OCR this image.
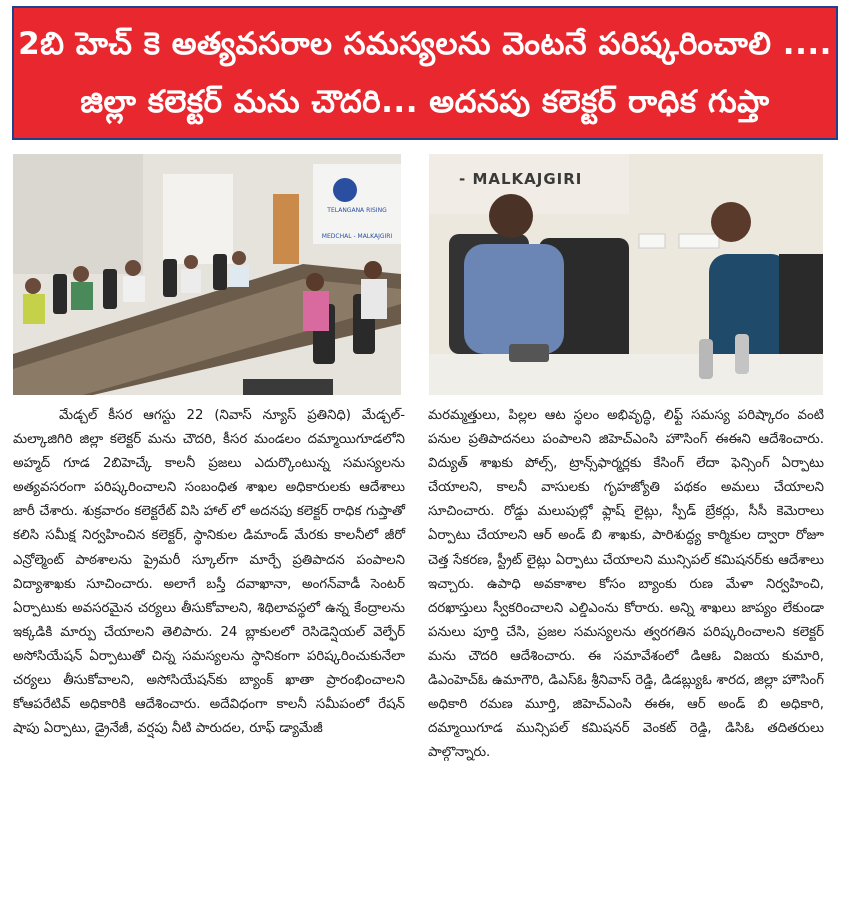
2బి హెచ్ కె అత్యవసరాల సమస్యలను వెంటనే పరిష్కరించాలి ....
జిల్లా కలెక్టర్ మను చౌదరి... అదనపు కలెక్టర్ రాధిక గుప్తా
MEDCHAL - MALKAJGIRI
TELANGANA RISING
- MALKAJGIRI

మేడ్చల్ కీసర ఆగస్టు 22 (నివాస్ న్యూస్ ప్రతినిధి) మేడ్చల్-మల్కాజిగిరి జిల్లా కలెక్టర్ మను చౌదరి, కీసర మండలం దమ్మాయిగూడలోని అహ్మద్ గూడ 2బిహెచ్కే కాలనీ ప్రజలు ఎదుర్కొంటున్న సమస్యలను అత్యవసరంగా పరిష్కరించాలని సంబంధిత శాఖల అధికారులకు ఆదేశాలు జారీ చేశారు. శుక్రవారం కలెక్టరేట్ విసి హాల్ లో అదనపు కలెక్టర్ రాధిక గుప్తాతో కలిసి సమీక్ష నిర్వహించిన కలెక్టర్, స్థానికుల డిమాండ్ మేరకు కాలనీలో జీరో ఎన్రోల్మెంట్ పాఠశాలను ప్రైమరీ స్కూల్‌గా మార్చే ప్రతిపాదన పంపాలని విద్యాశాఖకు సూచించారు. అలాగే బస్తీ దవాఖానా, అంగన్‌వాడీ సెంటర్ ఏర్పాటుకు అవసరమైన చర్యలు తీసుకోవాలని, శిథిలావస్థలో ఉన్న కేంద్రాలను ఇక్కడికి మార్పు చేయాలని తెలిపారు. 24 బ్లాకులలో రెసిడెన్షియల్ వెల్ఫేర్ అసోసియేషన్ ఏర్పాటుతో చిన్న సమస్యలను స్థానికంగా పరిష్కరించుకునేలా చర్యలు తీసుకోవాలని, అసోసియేషన్‌కు బ్యాంక్ ఖాతా ప్రారంభించాలని కోఆపరేటివ్ అధికారికి ఆదేశించారు. అదేవిధంగా కాలనీ సమీపంలో రేషన్ షాపు ఏర్పాటు, డ్రైనేజీ, వర్షపు నీటి పారుదల, రూఫ్ డ్యామేజీ

మరమ్మత్తులు, పిల్లల ఆట స్థలం అభివృద్ధి, లిఫ్ట్ సమస్య పరిష్కారం వంటి పనుల ప్రతిపాదనలు పంపాలని జిహెచ్ఎంసి హౌసింగ్ ఈఈని ఆదేశించారు. విద్యుత్ శాఖకు పోల్స్, ట్రాన్స్‌ఫార్మర్లకు కేసింగ్ లేదా ఫెన్సింగ్ ఏర్పాటు చేయాలని, కాలనీ వాసులకు గృహజ్యోతి పథకం అమలు చేయాలని సూచించారు. రోడ్డు మలుపుల్లో ఫ్లాష్ లైట్లు, స్పీడ్ బ్రేకర్లు, సీసీ కెమెరాలు ఏర్పాటు చేయాలని ఆర్ అండ్ బి శాఖకు, పారిశుద్ధ్య కార్మికుల ద్వారా రోజూ చెత్త సేకరణ, స్ట్రీట్ లైట్లు ఏర్పాటు చేయాలని మున్సిపల్ కమిషనర్‌కు ఆదేశాలు ఇచ్చారు. ఉపాధి అవకాశాల కోసం బ్యాంకు రుణ మేళా నిర్వహించి, దరఖాస్తులు స్వీకరించాలని ఎల్డిఎంను కోరారు. అన్ని శాఖలు జాప్యం లేకుండా పనులు పూర్తి చేసి, ప్రజల సమస్యలను త్వరగతిన పరిష్కరించాలని కలెక్టర్ మను చౌదరి ఆదేశించారు. ఈ సమావేశంలో డిఆఓ విజయ కుమారి, డిఎంహెచ్ఓ ఉమాగౌరి, డిఎస్ఓ శ్రీనివాస్ రెడ్డి, డిడబ్ల్యుఓ శారద, జిల్లా హౌసింగ్ అధికారి రమణ మూర్తి, జిహెచ్ఎంసి ఈఈ, ఆర్ అండ్ బి అధికారి, దమ్మాయిగూడ మున్సిపల్ కమిషనర్ వెంకట్ రెడ్డి, డిసిఓ తదితరులు పాల్గొన్నారు.
